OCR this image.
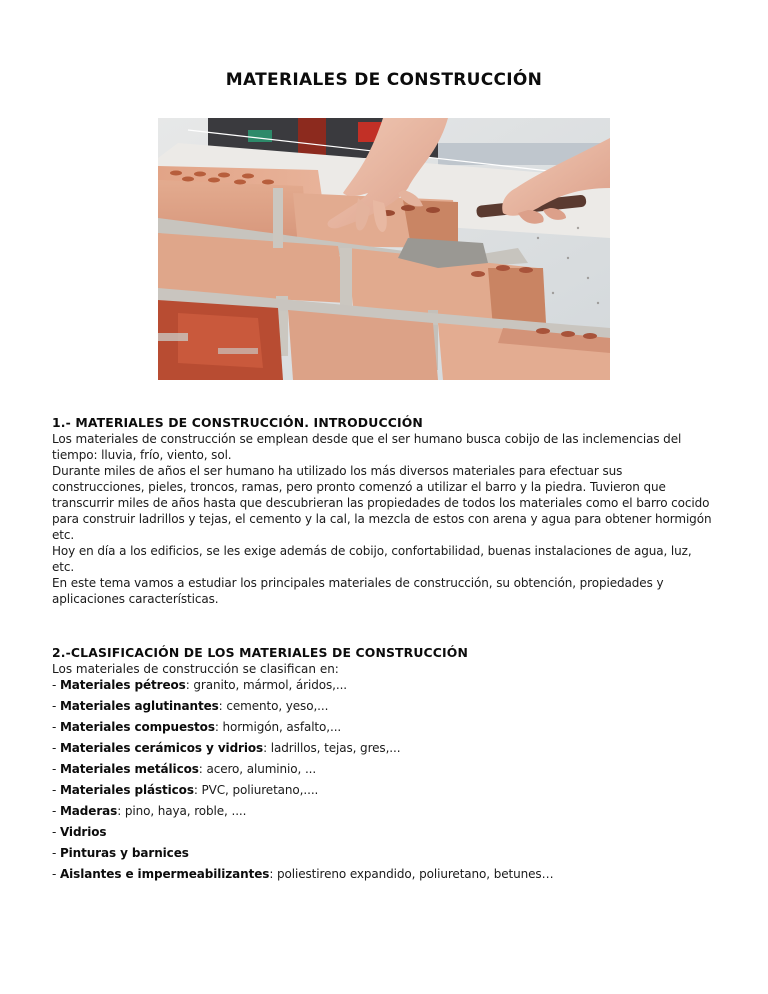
MATERIALES DE CONSTRUCCIÓN
1.- MATERIALES DE CONSTRUCCIÓN. INTRODUCCIÓN
Los materiales de construcción se emplean desde que el ser humano busca cobijo de las inclemencias del tiempo: lluvia, frío, viento, sol.
Durante miles de años el ser humano ha utilizado los más diversos materiales para efectuar sus construcciones, pieles, troncos, ramas, pero pronto comenzó a utilizar el barro y la piedra. Tuvieron que transcurrir miles de años hasta que descubrieran las propiedades de todos los materiales como el barro cocido para construir ladrillos y tejas, el cemento y la cal, la mezcla de estos con arena y agua para obtener hormigón etc.
Hoy en día a los edificios, se les exige además de cobijo, confortabilidad, buenas instalaciones de agua, luz, etc.
En este tema vamos a estudiar los principales materiales de construcción, su obtención, propiedades y aplicaciones características.
2.-CLASIFICACIÓN DE LOS MATERIALES DE CONSTRUCCIÓN
Los materiales de construcción se clasifican en:
- Materiales pétreos: granito, mármol, áridos,...
- Materiales aglutinantes: cemento, yeso,...
- Materiales compuestos: hormigón, asfalto,...
- Materiales cerámicos y vidrios: ladrillos, tejas, gres,...
- Materiales metálicos: acero, aluminio, ...
- Materiales plásticos: PVC, poliuretano,....
- Maderas: pino, haya, roble, ....
- Vidrios
- Pinturas y barnices
- Aislantes e impermeabilizantes: poliestireno expandido, poliuretano, betunes…
